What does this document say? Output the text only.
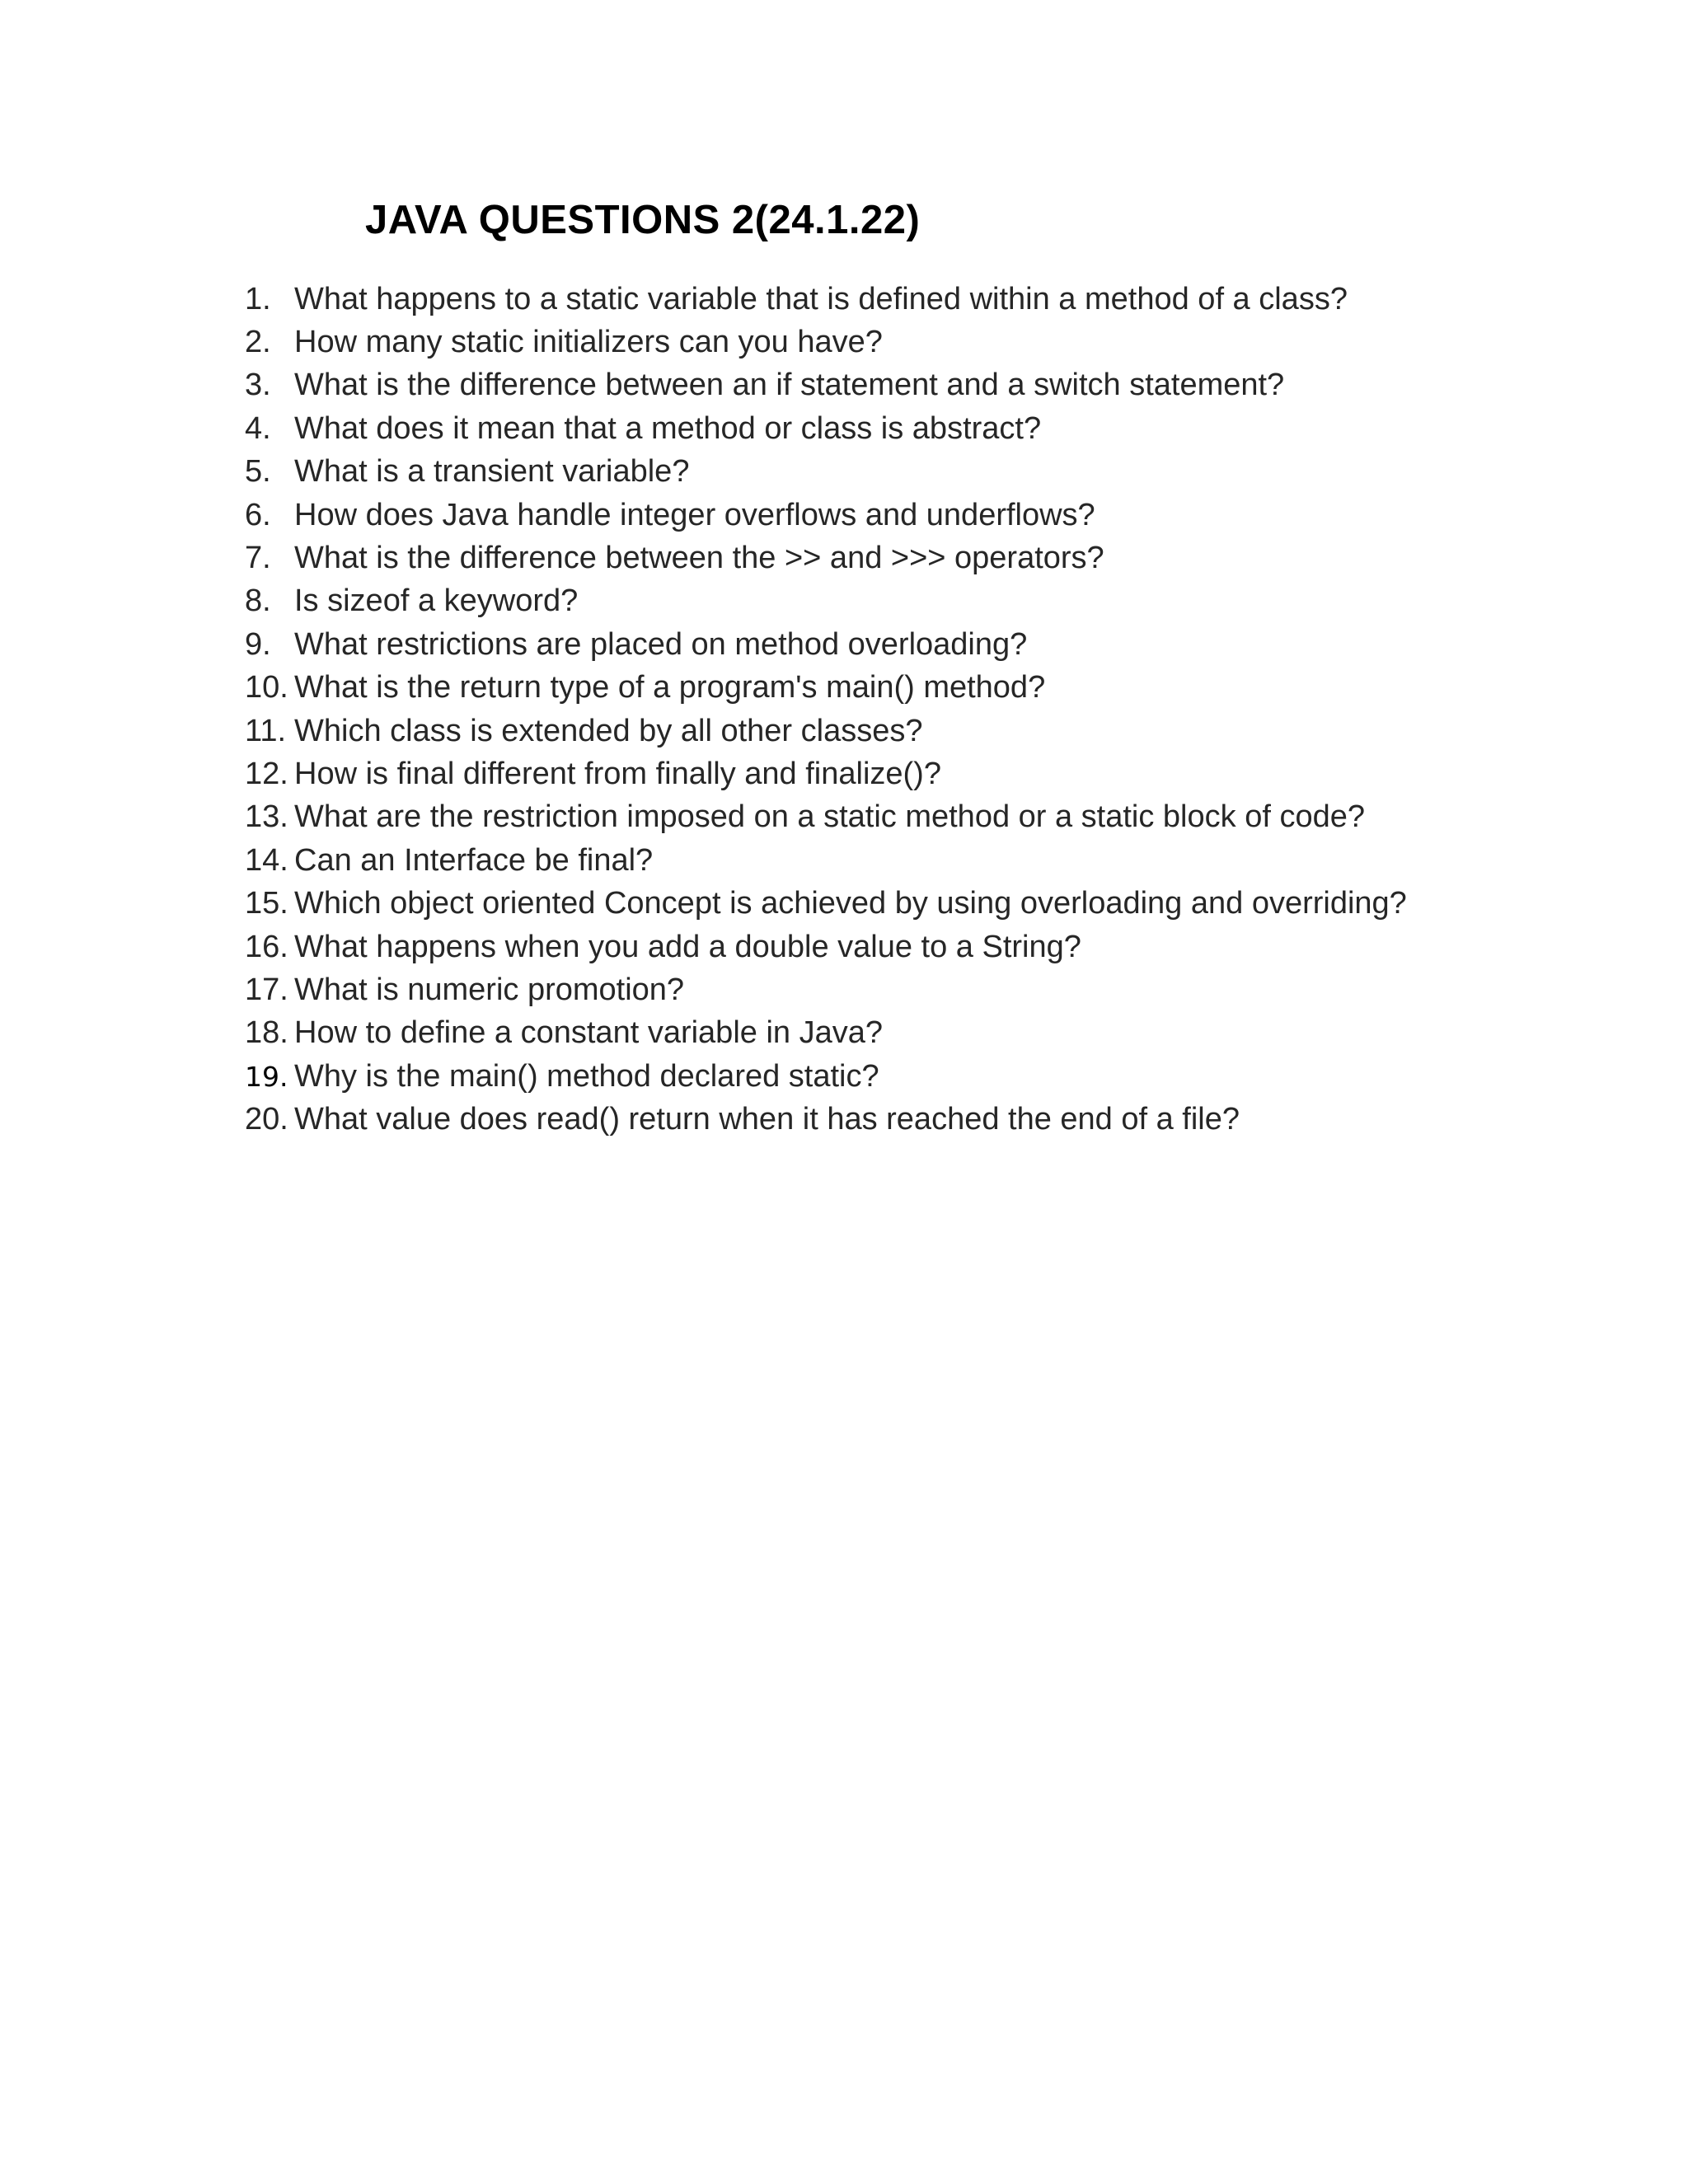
JAVA QUESTIONS 2(24.1.22)
1. What happens to a static variable that is defined within a method of a class?
2. How many static initializers can you have?
3. What is the difference between an if statement and a switch statement?
4. What does it mean that a method or class is abstract?
5. What is a transient variable?
6. How does Java handle integer overflows and underflows?
7. What is the difference between the >> and >>> operators?
8. Is sizeof a keyword?
9. What restrictions are placed on method overloading?
10. What is the return type of a program's main() method?
11. Which class is extended by all other classes?
12. How is final different from finally and finalize()?
13. What are the restriction imposed on a static method or a static block of code?
14. Can an Interface be final?
15. Which object oriented Concept is achieved by using overloading and overriding?
16. What happens when you add a double value to a String?
17. What is numeric promotion?
18. How to define a constant variable in Java?
19. Why is the main() method declared static?
20. What value does read() return when it has reached the end of a file?
